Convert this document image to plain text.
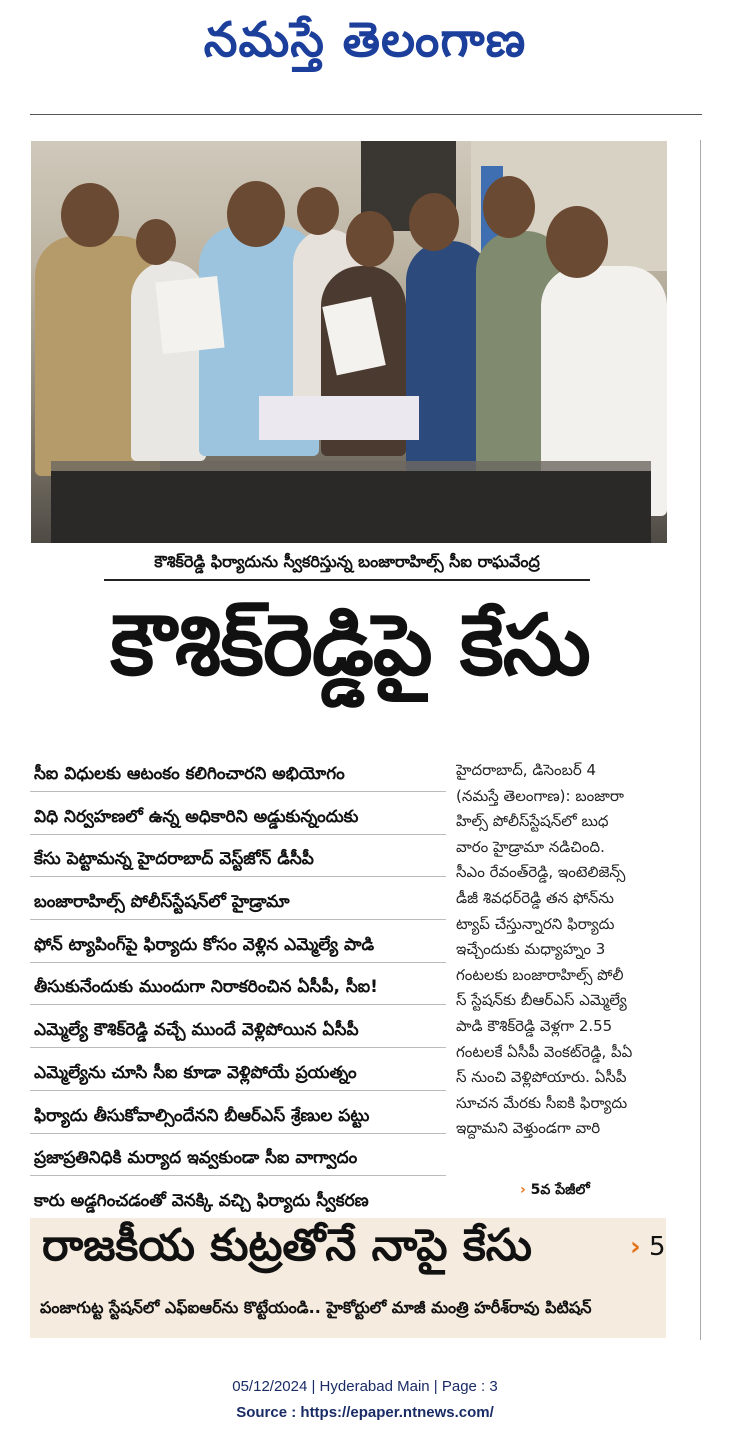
నమస్తే తెలంగాణ
కౌశిక్‌రెడ్డి ఫిర్యాదును స్వీకరిస్తున్న బంజారాహిల్స్ సీఐ రాఘవేంద్ర
కౌశిక్‌రెడ్డిపై కేసు
సీఐ విధులకు ఆటంకం కలిగించారని అభియోగం
విధి నిర్వహణలో ఉన్న అధికారిని అడ్డుకున్నందుకు
కేసు పెట్టామన్న హైదరాబాద్ వెస్ట్‌జోన్ డీసీపీ
బంజారాహిల్స్ పోలీస్‌స్టేషన్‌లో హైడ్రామా
ఫోన్ ట్యాపింగ్‌పై ఫిర్యాదు కోసం వెళ్లిన ఎమ్మెల్యే పాడి
తీసుకునేందుకు ముందుగా నిరాకరించిన ఏసీపీ, సీఐ!
ఎమ్మెల్యే కౌశిక్‌రెడ్డి వచ్చే ముందే వెళ్లిపోయిన ఏసీపీ
ఎమ్మెల్యేను చూసి సీఐ కూడా వెళ్లిపోయే ప్రయత్నం
ఫిర్యాదు తీసుకోవాల్సిందేనని బీఆర్‌ఎస్ శ్రేణుల పట్టు
ప్రజాప్రతినిధికి మర్యాద ఇవ్వకుండా సీఐ వాగ్వాదం
కారు అడ్డగించడంతో వెనక్కి వచ్చి ఫిర్యాదు స్వీకరణ
హైదరాబాద్, డిసెంబర్ 4
(నమస్తే తెలంగాణ): బంజారా
హిల్స్ పోలీస్‌స్టేషన్‌లో బుధ
వారం హైడ్రామా నడిచింది.
సీఎం రేవంత్‌రెడ్డి, ఇంటెలిజెన్స్
డీజీ శివధర్‌రెడ్డి తన ఫోన్‌ను
ట్యాప్ చేస్తున్నారని ఫిర్యాదు
ఇచ్చేందుకు మధ్యాహ్నం 3
గంటలకు బంజారాహిల్స్ పోలీ
స్ స్టేషన్‌కు బీఆర్‌ఎస్ ఎమ్మెల్యే
పాడి కౌశిక్‌రెడ్డి వెళ్లగా 2.55
గంటలకే ఏసీపీ వెంకట్‌రెడ్డి, పీఏ
స్ నుంచి వెళ్లిపోయారు. ఏసీపీ
సూచన మేరకు సీఐకి ఫిర్యాదు
ఇద్దామని వెళ్తుండగా వారి
› 5వ పేజీలో
రాజకీయ కుట్రతోనే నాపై కేసు	› 5
పంజాగుట్ట స్టేషన్‌లో ఎఫ్‌ఐఆర్‌ను కొట్టేయండి.. హైకోర్టులో మాజీ మంత్రి హరీశ్‌రావు పిటిషన్
05/12/2024 | Hyderabad Main | Page : 3
Source : https://epaper.ntnews.com/
